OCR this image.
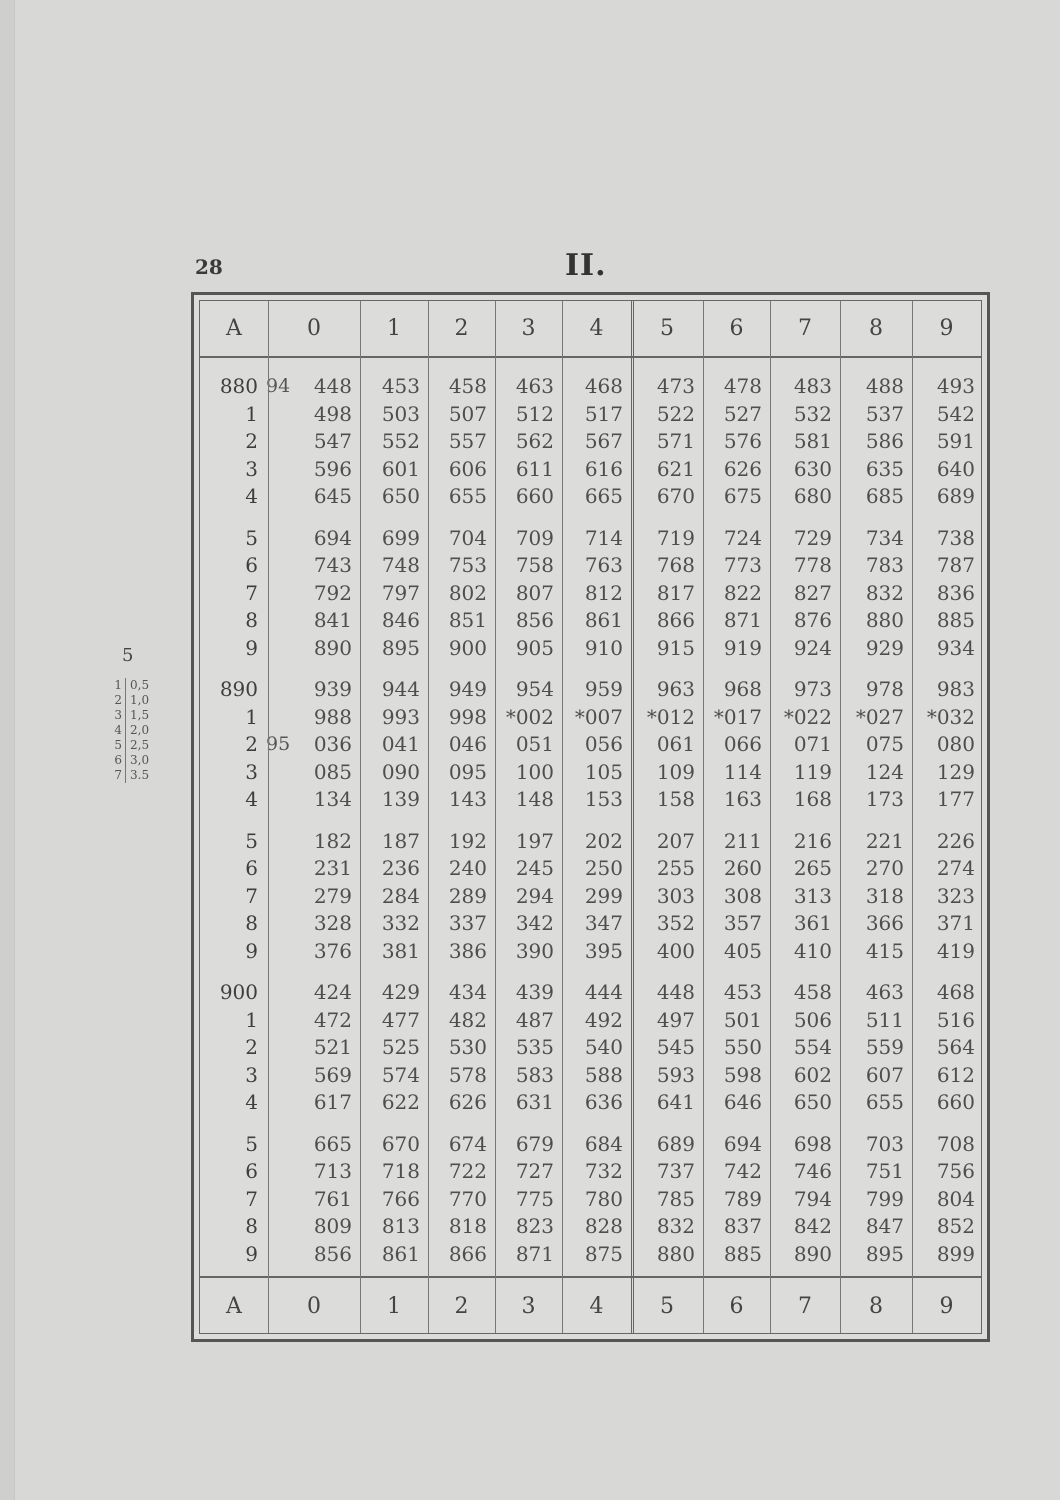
28	II.
5
1 0,5
2 1,0
3 1,5
4 2,0
5 2,5
6 3,0
7 3.5
A	0	1	2	3	4	5	6	7	8	9
880 94	448	453	458	463	468	473	478	483	488	493
1	498	503	507	512	517	522	527	532	537	542
2	547	552	557	562	567	571	576	581	586	591
3	596	601	606	611	616	621	626	630	635	640
4	645	650	655	660	665	670	675	680	685	689
5	694	699	704	709	714	719	724	729	734	738
6	743	748	753	758	763	768	773	778	783	787
7	792	797	802	807	812	817	822	827	832	836
8	841	846	851	856	861	866	871	876	880	885
9	890	895	900	905	910	915	919	924	929	934
890	939	944	949	954	959	963	968	973	978	983
1	988	993	998 *002 *007 *012 *017 *022 *027 *032
2 95	036	041	046	051	056	061	066	071	075	080
3	085	090	095	100	105	109	114	119	124	129
4	134	139	143	148	153	158	163	168	173	177
5	182	187	192	197	202	207	211	216	221	226
6	231	236	240	245	250	255	260	265	270	274
7	279	284	289	294	299	303	308	313	318	323
8	328	332	337	342	347	352	357	361	366	371
9	376	381	386	390	395	400	405	410	415	419
900	424	429	434	439	444	448	453	458	463	468
1	472	477	482	487	492	497	501	506	511	516
2	521	525	530	535	540	545	550	554	559	564
3	569	574	578	583	588	593	598	602	607	612
4	617	622	626	631	636	641	646	650	655	660
5	665	670	674	679	684	689	694	698	703	708
6	713	718	722	727	732	737	742	746	751	756
7	761	766	770	775	780	785	789	794	799	804
8	809	813	818	823	828	832	837	842	847	852
9	856	861	866	871	875	880	885	890	895	899
A	0	1	2	3	4	5	6	7	8	9
